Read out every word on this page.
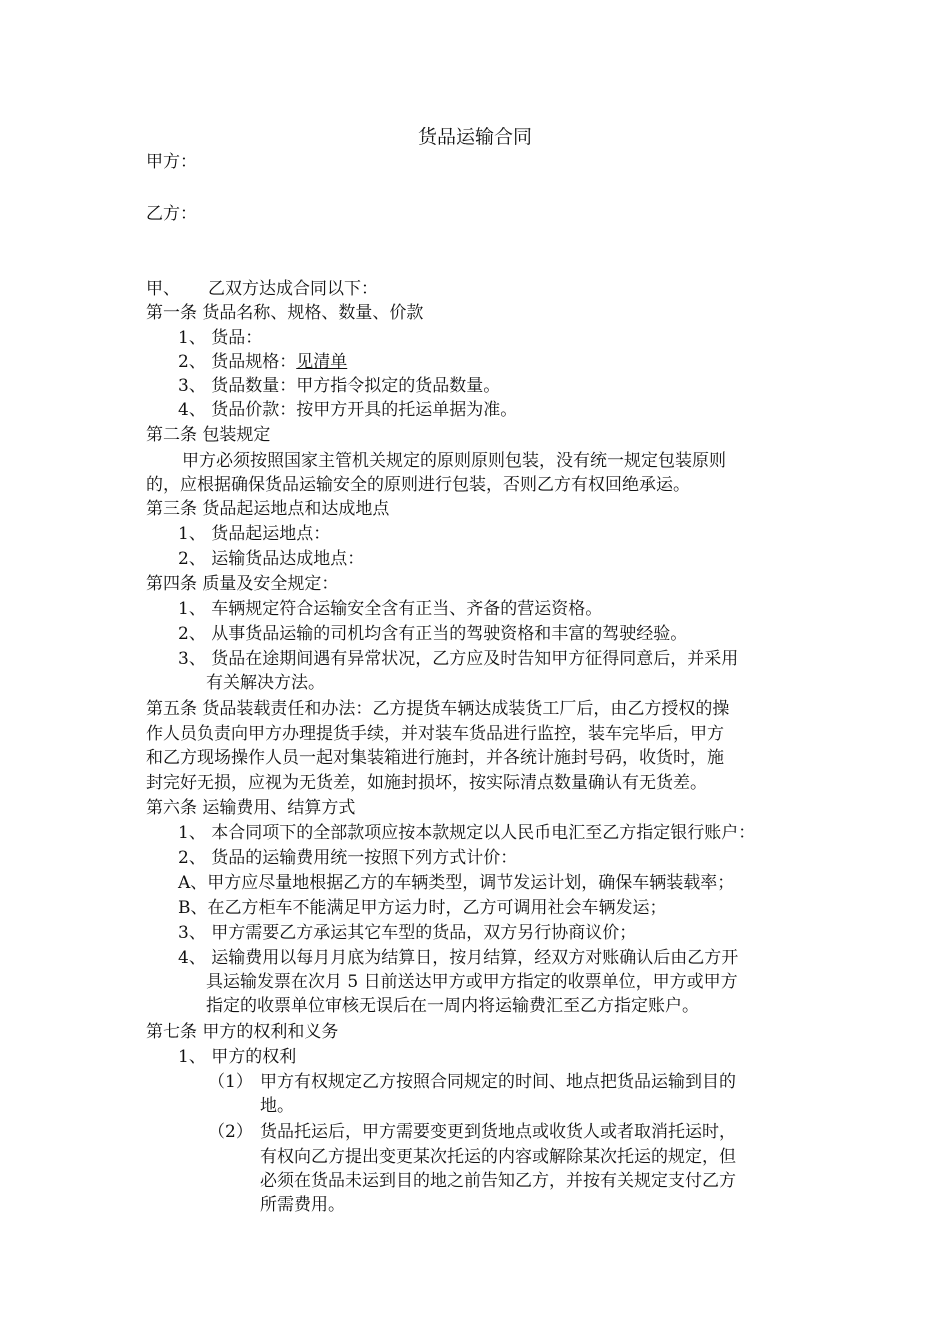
货品运输合同
甲方：
乙方：
甲、 乙双方达成合同以下：
第一条 货品名称、规格、数量、价款
1、 货品：
2、 货品规格：见清单
3、 货品数量：甲方指令拟定的货品数量。
4、 货品价款：按甲方开具的托运单据为准。
第二条 包装规定
甲方必须按照国家主管机关规定的原则原则包装，没有统一规定包装原则
的，应根据确保货品运输安全的原则进行包装，否则乙方有权回绝承运。
第三条 货品起运地点和达成地点
1、 货品起运地点：
2、 运输货品达成地点：
第四条 质量及安全规定：
1、 车辆规定符合运输安全含有正当、齐备的营运资格。
2、 从事货品运输的司机均含有正当的驾驶资格和丰富的驾驶经验。
3、 货品在途期间遇有异常状况，乙方应及时告知甲方征得同意后，并采用
有关解决方法。
第五条 货品装载责任和办法：乙方提货车辆达成装货工厂后，由乙方授权的操
作人员负责向甲方办理提货手续，并对装车货品进行监控，装车完毕后，甲方
和乙方现场操作人员一起对集装箱进行施封，并各统计施封号码，收货时，施
封完好无损，应视为无货差，如施封损坏，按实际清点数量确认有无货差。
第六条 运输费用、结算方式
1、 本合同项下的全部款项应按本款规定以人民币电汇至乙方指定银行账户：
2、 货品的运输费用统一按照下列方式计价：
A、甲方应尽量地根据乙方的车辆类型，调节发运计划，确保车辆装载率；
B、在乙方柜车不能满足甲方运力时，乙方可调用社会车辆发运；
3、 甲方需要乙方承运其它车型的货品，双方另行协商议价；
4、 运输费用以每月月底为结算日，按月结算，经双方对账确认后由乙方开
具运输发票在次月 5 日前送达甲方或甲方指定的收票单位，甲方或甲方
指定的收票单位审核无误后在一周内将运输费汇至乙方指定账户。
第七条 甲方的权利和义务
1、 甲方的权利
（1） 甲方有权规定乙方按照合同规定的时间、地点把货品运输到目的
地。
（2） 货品托运后，甲方需要变更到货地点或收货人或者取消托运时，
有权向乙方提出变更某次托运的内容或解除某次托运的规定，但
必须在货品未运到目的地之前告知乙方，并按有关规定支付乙方
所需费用。
